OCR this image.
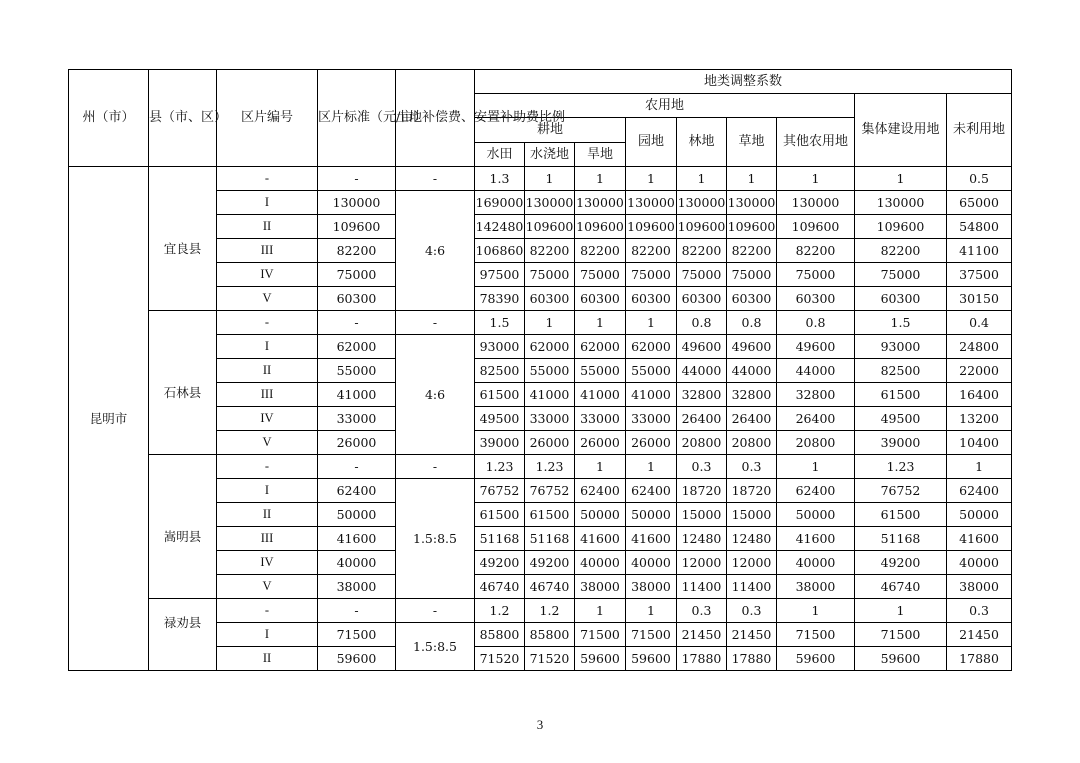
州（市）	县（市、区）	区片编号	区片标准（元/亩）	土地补偿费、安置补助费比例	地类调整系数								
					农用地							集体建设用地	未利用地
					耕地			园地	林地	草地	其他农用地		
					水田	水浇地	旱地						
昆明市	宜良县	-	-	-	1.3	1	1	1	1	1	1	1	0.5
		I	130000	4:6	169000	130000	130000	130000	130000	130000	130000	130000	65000
		II	109600		142480	109600	109600	109600	109600	109600	109600	109600	54800
		III	82200		106860	82200	82200	82200	82200	82200	82200	82200	41100
		IV	75000		97500	75000	75000	75000	75000	75000	75000	75000	37500
		V	60300		78390	60300	60300	60300	60300	60300	60300	60300	30150
	石林县	-	-	-	1.5	1	1	1	0.8	0.8	0.8	1.5	0.4
		I	62000	4:6	93000	62000	62000	62000	49600	49600	49600	93000	24800
		II	55000		82500	55000	55000	55000	44000	44000	44000	82500	22000
		III	41000		61500	41000	41000	41000	32800	32800	32800	61500	16400
		IV	33000		49500	33000	33000	33000	26400	26400	26400	49500	13200
		V	26000		39000	26000	26000	26000	20800	20800	20800	39000	10400
	嵩明县	-	-	-	1.23	1.23	1	1	0.3	0.3	1	1.23	1
		I	62400	1.5:8.5	76752	76752	62400	62400	18720	18720	62400	76752	62400
		II	50000		61500	61500	50000	50000	15000	15000	50000	61500	50000
		III	41600		51168	51168	41600	41600	12480	12480	41600	51168	41600
		IV	40000		49200	49200	40000	40000	12000	12000	40000	49200	40000
		V	38000		46740	46740	38000	38000	11400	11400	38000	46740	38000
	禄劝县	-	-	-	1.2	1.2	1	1	0.3	0.3	1	1	0.3
		I	71500	1.5:8.5	85800	85800	71500	71500	21450	21450	71500	71500	21450
		II	59600		71520	71520	59600	59600	17880	17880	59600	59600	17880
3
